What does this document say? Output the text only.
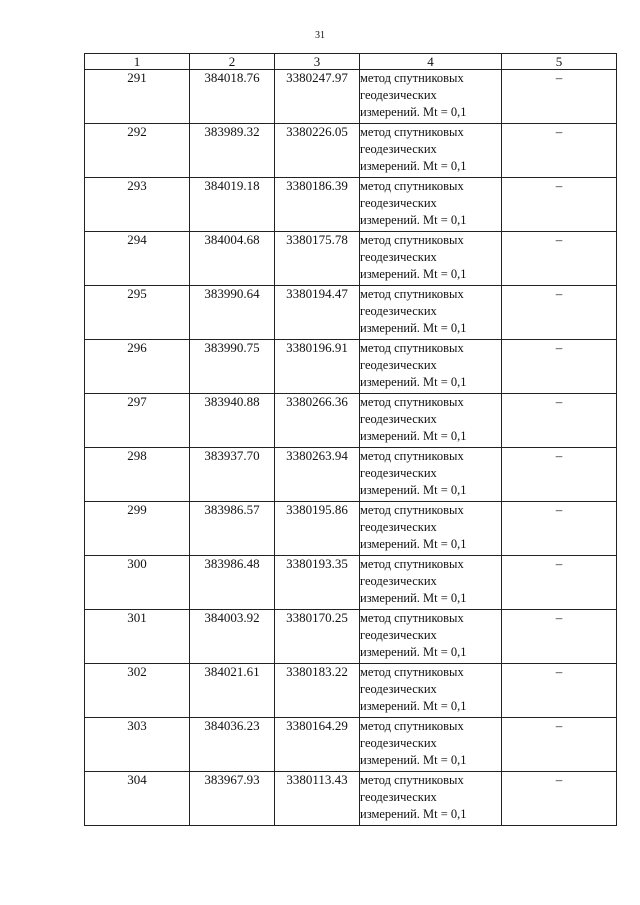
31
1	2	3	4	5
291	384018.76	3380247.97	метод спутниковых
геодезических
измерений. Mt = 0,1	–
292	383989.32	3380226.05	метод спутниковых
геодезических
измерений. Mt = 0,1	–
293	384019.18	3380186.39	метод спутниковых
геодезических
измерений. Mt = 0,1	–
294	384004.68	3380175.78	метод спутниковых
геодезических
измерений. Mt = 0,1	–
295	383990.64	3380194.47	метод спутниковых
геодезических
измерений. Mt = 0,1	–
296	383990.75	3380196.91	метод спутниковых
геодезических
измерений. Mt = 0,1	–
297	383940.88	3380266.36	метод спутниковых
геодезических
измерений. Mt = 0,1	–
298	383937.70	3380263.94	метод спутниковых
геодезических
измерений. Mt = 0,1	–
299	383986.57	3380195.86	метод спутниковых
геодезических
измерений. Mt = 0,1	–
300	383986.48	3380193.35	метод спутниковых
геодезических
измерений. Mt = 0,1	–
301	384003.92	3380170.25	метод спутниковых
геодезических
измерений. Mt = 0,1	–
302	384021.61	3380183.22	метод спутниковых
геодезических
измерений. Mt = 0,1	–
303	384036.23	3380164.29	метод спутниковых
геодезических
измерений. Mt = 0,1	–
304	383967.93	3380113.43	метод спутниковых
геодезических
измерений. Mt = 0,1	–
